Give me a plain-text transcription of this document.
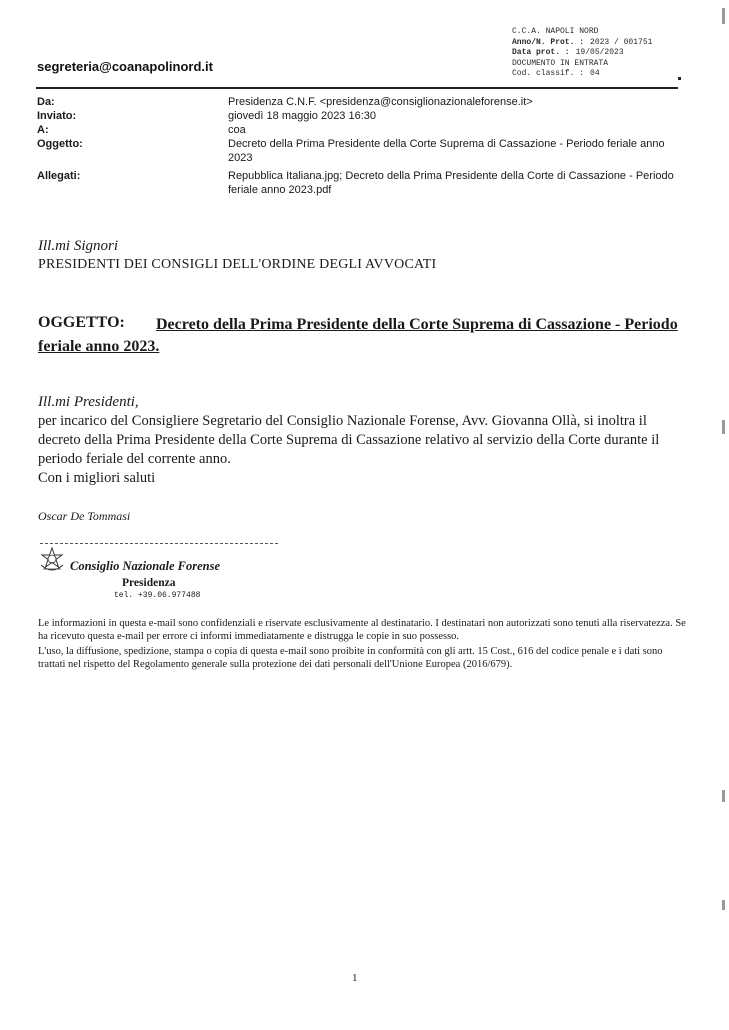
C.C.A. NAPOLI NORD
Anno/N. Prot. : 2023 / 001751
Data prot. : 19/05/2023
DOCUMENTO IN ENTRATA
Cod. classif. : 04
segreteria@coanapolinord.it
Da:	Presidenza C.N.F. <presidenza@consiglionazionaleforense.it>
Inviato:	giovedì 18 maggio 2023 16:30
A:	coa
Oggetto:	Decreto della Prima Presidente della Corte Suprema di Cassazione - Periodo feriale anno 2023
Allegati:	Repubblica Italiana.jpg; Decreto della Prima Presidente della Corte di Cassazione - Periodo feriale anno 2023.pdf
Ill.mi Signori
PRESIDENTI DEI CONSIGLI DELL'ORDINE DEGLI AVVOCATI
OGGETTO:	Decreto della Prima Presidente della Corte Suprema di Cassazione - Periodo feriale anno 2023.
Ill.mi Presidenti,
per incarico del Consigliere Segretario del Consiglio Nazionale Forense, Avv. Giovanna Ollà, si inoltra il decreto della Prima Presidente della Corte Suprema di Cassazione relativo al servizio della Corte durante il periodo feriale del corrente anno.
Con i migliori saluti
Oscar De Tommasi
Consiglio Nazionale Forense
Presidenza
tel. +39.06.977488

Le informazioni in questa e-mail sono confidenziali e riservate esclusivamente al destinatario. I destinatari non autorizzati sono tenuti alla riservatezza. Se ha ricevuto questa e-mail per errore ci informi immediatamente e distrugga le copie in suo possesso.

L'uso, la diffusione, spedizione, stampa o copia di questa e-mail sono proibite in conformità con gli artt. 15 Cost., 616 del codice penale e i dati sono trattati nel rispetto del Regolamento generale sulla protezione dei dati personali dell'Unione Europea (2016/679).

1
